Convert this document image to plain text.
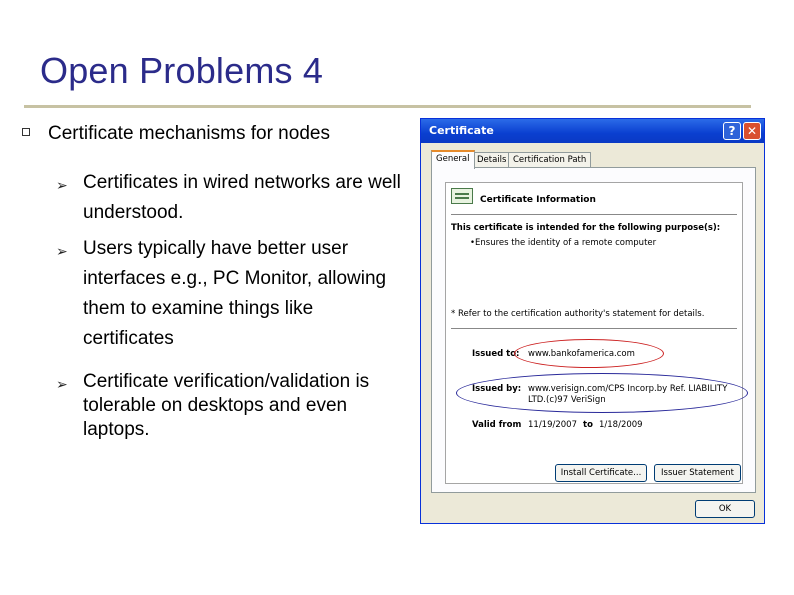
Open Problems 4
Certificate mechanisms for nodes
➢ Certificates in wired networks are well understood.
➢ Users typically have better user interfaces e.g., PC Monitor, allowing them to examine things like certificates
➢ Certificate verification/validation is tolerable on desktops and even laptops.
Certificate	? ✕
General Details Certification Path
Certificate Information
This certificate is intended for the following purpose(s):
•Ensures the identity of a remote computer
* Refer to the certification authority's statement for details.
Issued to: www.bankofamerica.com
Issued by: www.verisign.com/CPS Incorp.by Ref. LIABILITY LTD.(c)97 VeriSign
Valid from 11/19/2007 to 1/18/2009
Install Certificate...	Issuer Statement
OK
